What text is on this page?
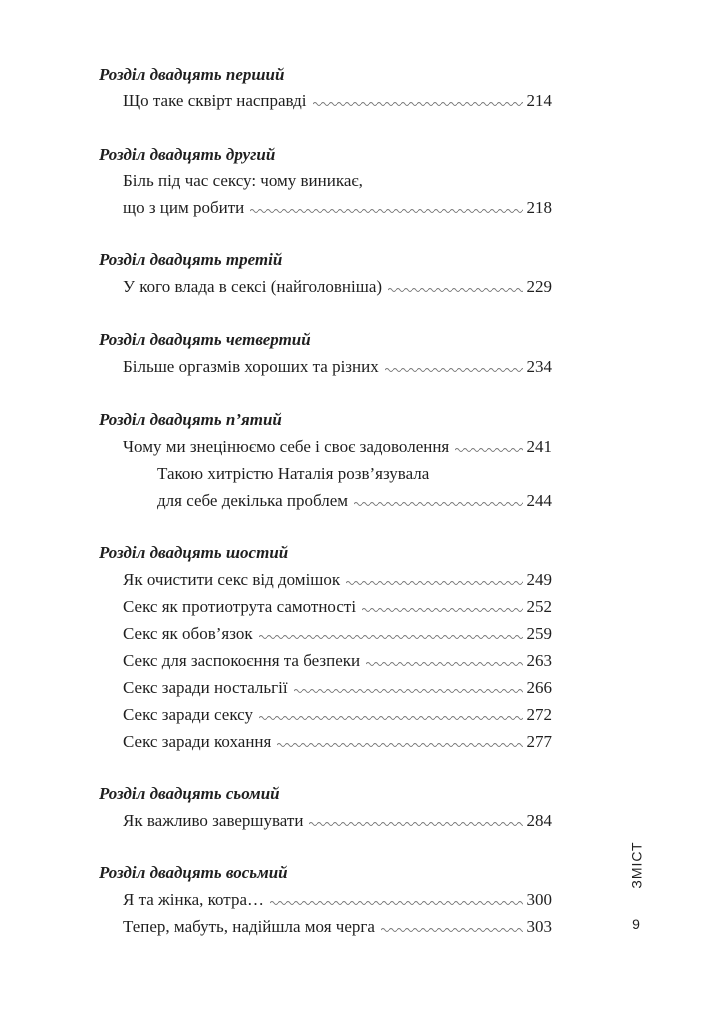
Розділ двадцять перший
Що таке сквірт насправді	214
Розділ двадцять другий
Біль під час сексу: чому виникає,
що з цим робити	218
Розділ двадцять третій
У кого влада в сексі (найголовніша)	229
Розділ двадцять четвертий
Більше оргазмів хороших та різних	234
Розділ двадцять п’ятий
Чому ми знецінюємо себе і своє задоволення	241
Такою хитрістю Наталія розв’язувала
для себе декілька проблем	244
Розділ двадцять шостий
Як очистити секс від домішок	249
Секс як протиотрута самотності	252
Секс як обов’язок	259
Секс для заспокоєння та безпеки	263
Секс заради ностальгії	266
Секс заради сексу	272
Секс заради кохання	277
Розділ двадцять сьомий
Як важливо завершувати	284
Розділ двадцять восьмий
Я та жінка, котра…	300
Тепер, мабуть, надійшла моя черга	303
ЗМІСТ
9
